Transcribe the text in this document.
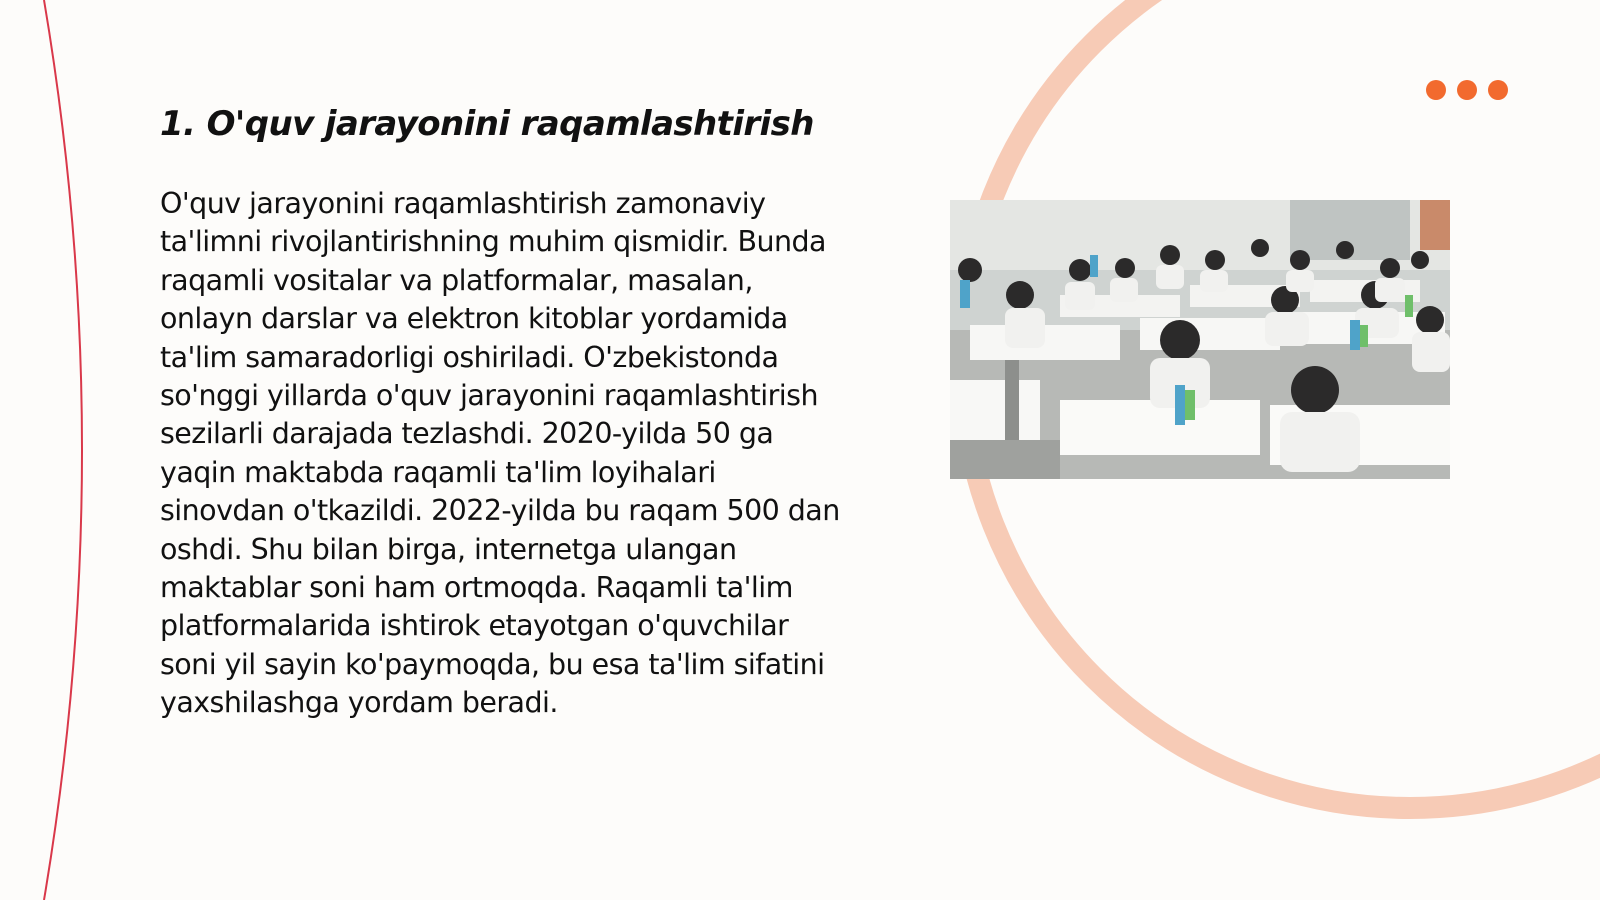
1. O'quv jarayonini raqamlashtirish

O'quv jarayonini raqamlashtirish zamonaviy ta'limni rivojlantirishning muhim qismidir. Bunda raqamli vositalar va platformalar, masalan, onlayn darslar va elektron kitoblar yordamida ta'lim samaradorligi oshiriladi. O'zbekistonda so'nggi yillarda o'quv jarayonini raqamlashtirish sezilarli darajada tezlashdi. 2020-yilda 50 ga yaqin maktabda raqamli ta'lim loyihalari sinovdan o'tkazildi. 2022-yilda bu raqam 500 dan oshdi. Shu bilan birga, internetga ulangan maktablar soni ham ortmoqda. Raqamli ta'lim platformalarida ishtirok etayotgan o'quvchilar soni yil sayin ko'paymoqda, bu esa ta'lim sifatini yaxshilashga yordam beradi.
